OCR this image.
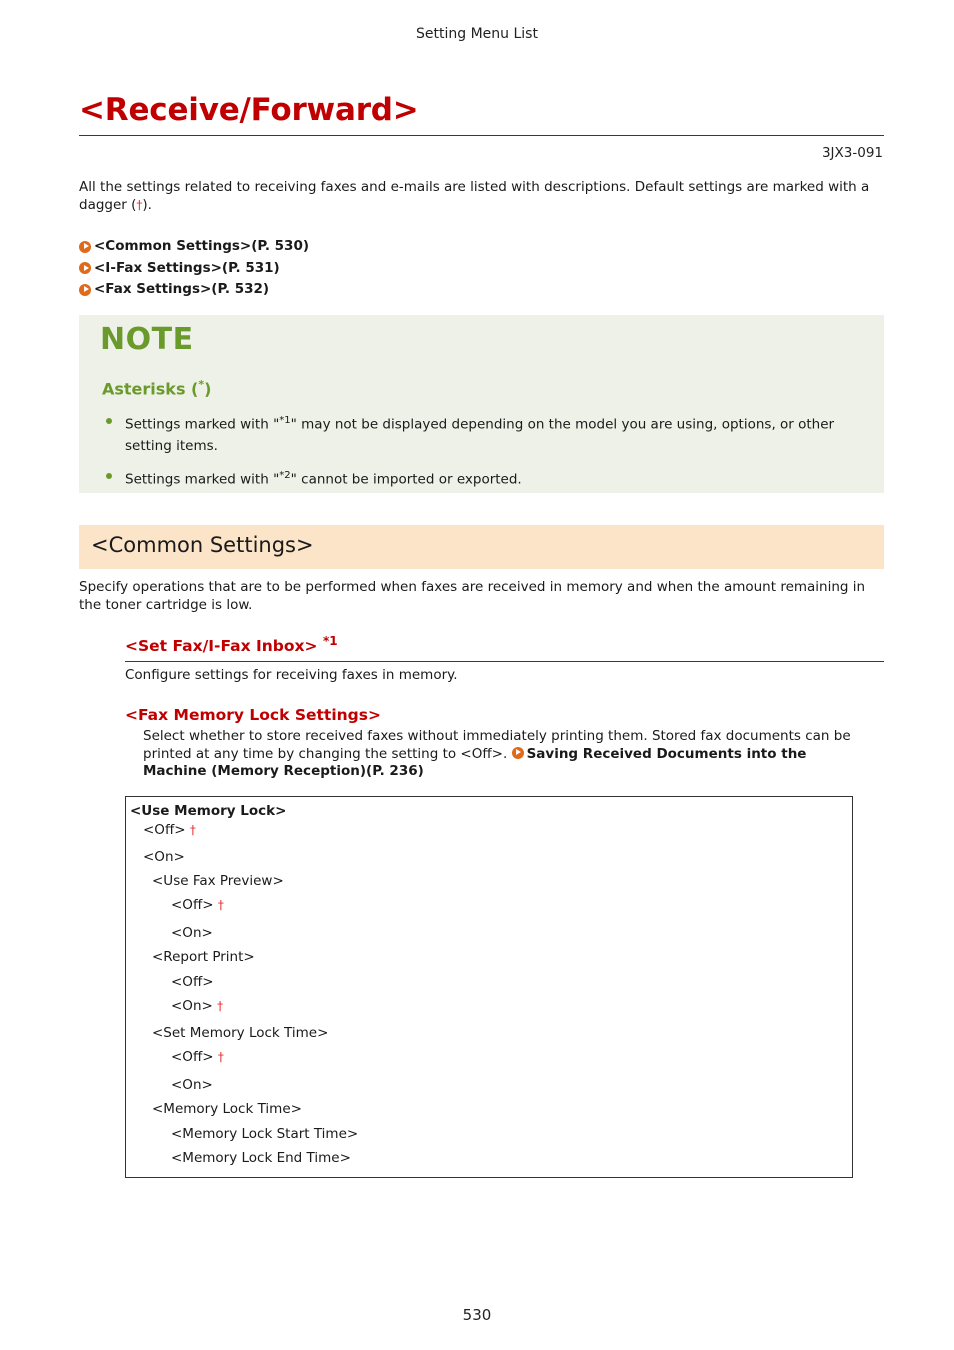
Setting Menu List
<Receive/Forward>
3JX3-091
All the settings related to receiving faxes and e-mails are listed with descriptions. Default settings are marked with a dagger (†).
<Common Settings>(P. 530)
<I-Fax Settings>(P. 531)
<Fax Settings>(P. 532)
NOTE
Asterisks (*)
Settings marked with "$^{*1}$" may not be displayed depending on the model you are using, options, or other setting items.
Settings marked with "$^{*2}$" cannot be imported or exported.
<Common Settings>
Specify operations that are to be performed when faxes are received in memory and when the amount remaining in the toner cartridge is low.
<Set Fax/I-Fax Inbox> $^{*1}$
Configure settings for receiving faxes in memory.
<Fax Memory Lock Settings>
Select whether to store received faxes without immediately printing them. Stored fax documents can be printed at any time by changing the setting to <Off>. Saving Received Documents into the Machine (Memory Reception)(P. 236)
<Use Memory Lock>
<Off> †
<On>
<Use Fax Preview>
<Off> †
<On>
<Report Print>
<Off>
<On> †
<Set Memory Lock Time>
<Off> †
<On>
<Memory Lock Time>
<Memory Lock Start Time>
<Memory Lock End Time>
530
